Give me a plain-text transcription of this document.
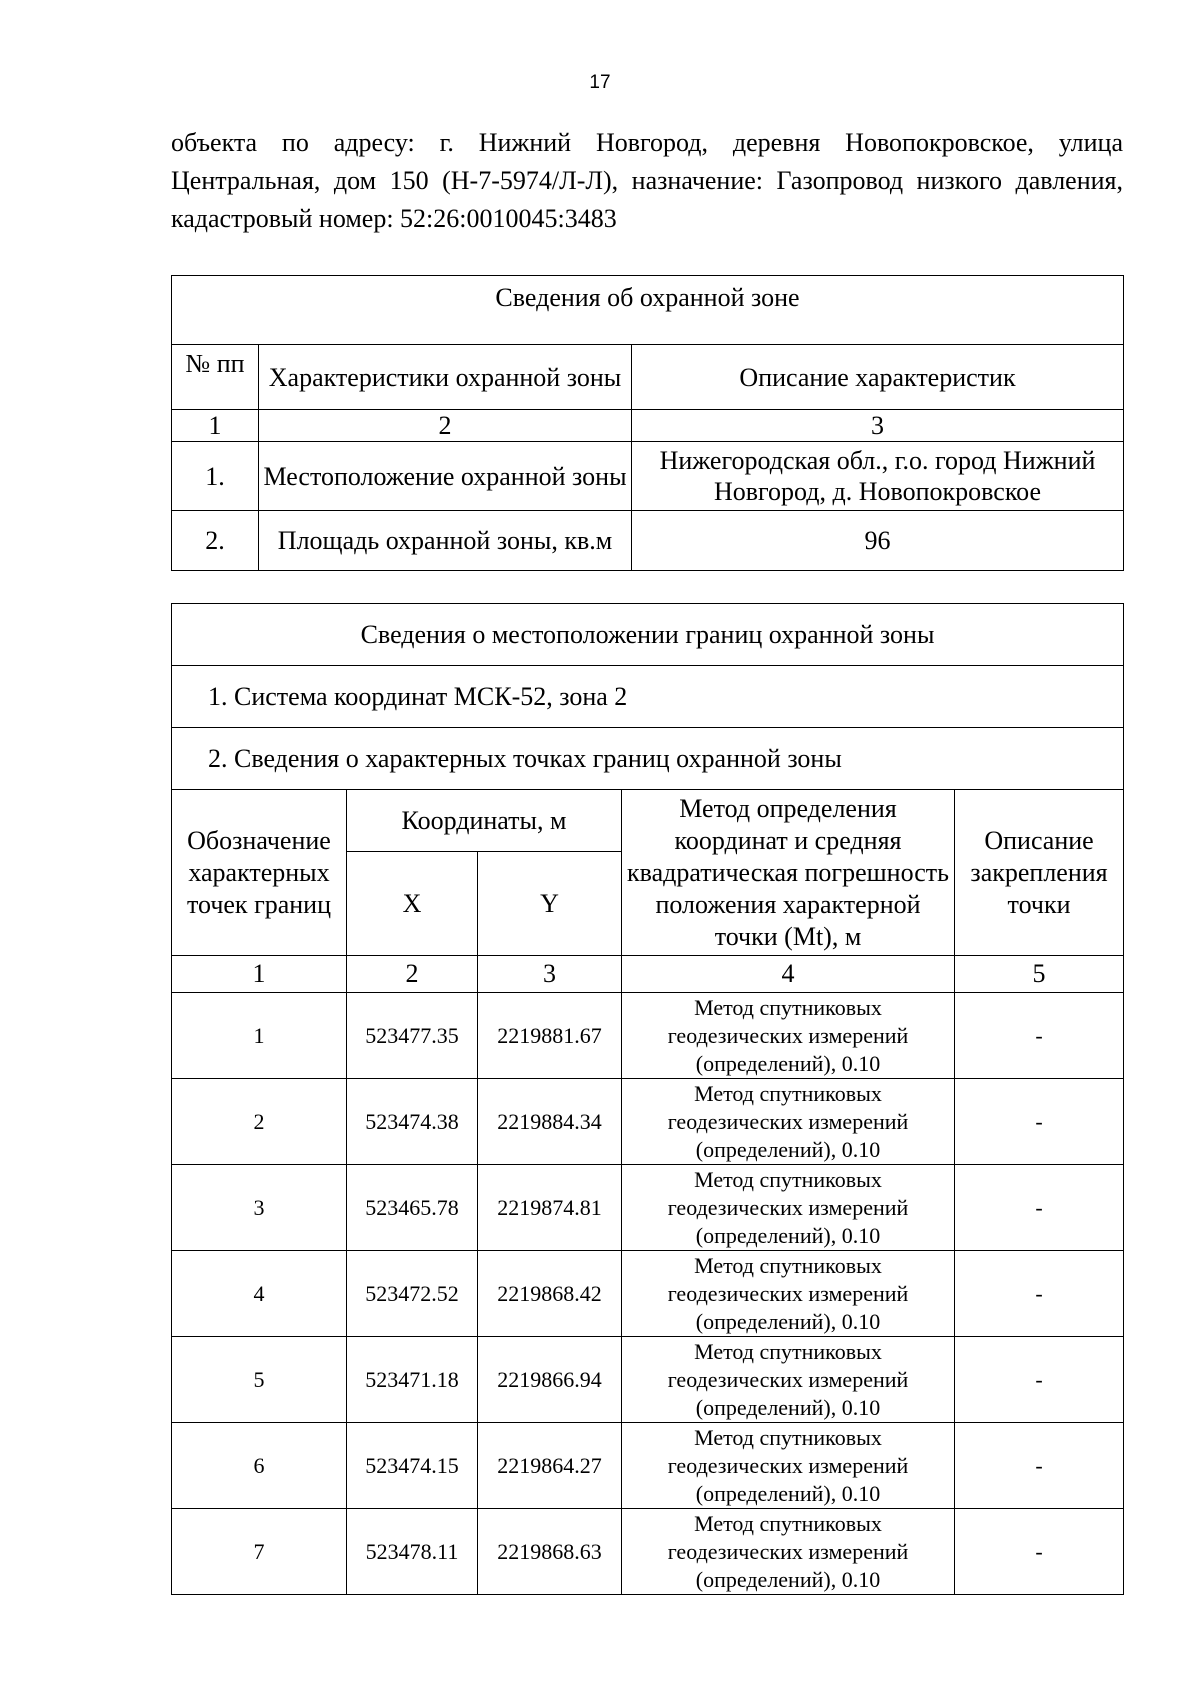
17

объекта по адресу: г. Нижний Новгород, деревня Новопокровское, улица Центральная, дом 150 (Н-7-5974/Л-Л), назначение: Газопровод низкого давления, кадастровый номер: 52:26:0010045:3483

Сведения об охранной зоне		
№ пп	Характеристики охранной зоны	Описание характеристик
1	2	3
1.	Местоположение охранной зоны	Нижегородская обл., г.о. город Нижний Новгород, д. Новопокровское
2.	Площадь охранной зоны, кв.м	96
Сведения о местоположении границ охранной зоны				
1. Система координат МСК-52, зона 2				
2. Сведения о характерных точках границ охранной зоны				
Обозначение характерных точек границ	Координаты, м		Метод определения координат и средняя квадратическая погрешность положения характерной точки (Mt), м	Описание закрепления точки
	X	Y		
1	2	3	4	5
1	523477.35	2219881.67	Метод спутниковых геодезических измерений (определений), 0.10	-
2	523474.38	2219884.34	Метод спутниковых геодезических измерений (определений), 0.10	-
3	523465.78	2219874.81	Метод спутниковых геодезических измерений (определений), 0.10	-
4	523472.52	2219868.42	Метод спутниковых геодезических измерений (определений), 0.10	-
5	523471.18	2219866.94	Метод спутниковых геодезических измерений (определений), 0.10	-
6	523474.15	2219864.27	Метод спутниковых геодезических измерений (определений), 0.10	-
7	523478.11	2219868.63	Метод спутниковых геодезических измерений (определений), 0.10	-
